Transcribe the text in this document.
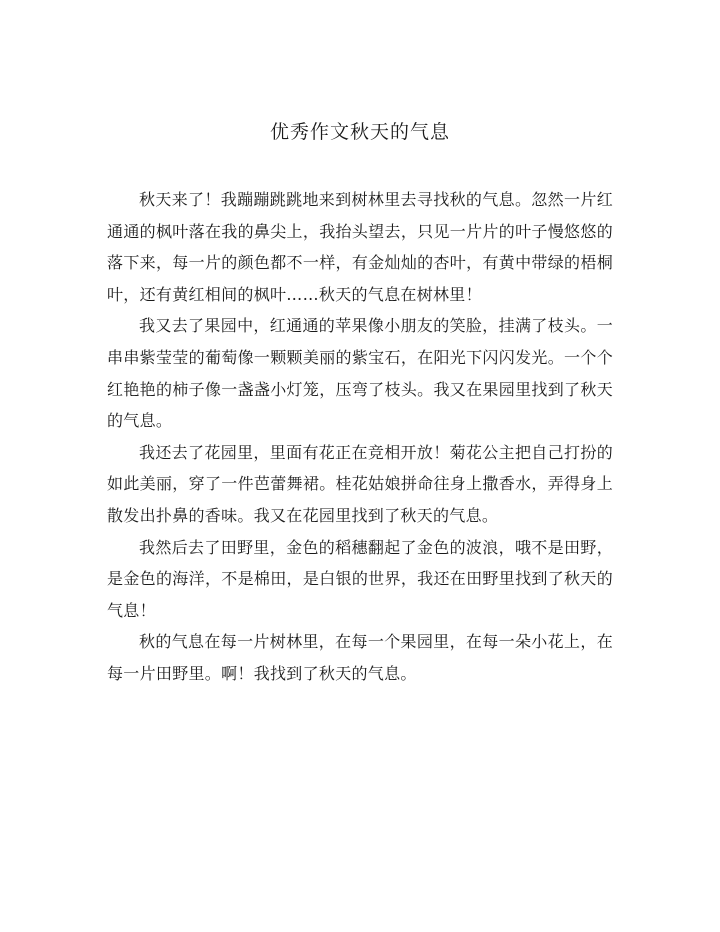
优秀作文秋天的气息

秋天来了！我蹦蹦跳跳地来到树林里去寻找秋的气息。忽然一片红通通的枫叶落在我的鼻尖上，我抬头望去，只见一片片的叶子慢悠悠的落下来，每一片的颜色都不一样，有金灿灿的杏叶，有黄中带绿的梧桐叶，还有黄红相间的枫叶……秋天的气息在树林里！

我又去了果园中，红通通的苹果像小朋友的笑脸，挂满了枝头。一串串紫莹莹的葡萄像一颗颗美丽的紫宝石，在阳光下闪闪发光。一个个红艳艳的柿子像一盏盏小灯笼，压弯了枝头。我又在果园里找到了秋天的气息。

我还去了花园里，里面有花正在竞相开放！菊花公主把自己打扮的如此美丽，穿了一件芭蕾舞裙。桂花姑娘拼命往身上撒香水，弄得身上散发出扑鼻的香味。我又在花园里找到了秋天的气息。

我然后去了田野里，金色的稻穗翻起了金色的波浪，哦不是田野，是金色的海洋，不是棉田，是白银的世界，我还在田野里找到了秋天的气息！

秋的气息在每一片树林里，在每一个果园里，在每一朵小花上，在每一片田野里。啊！我找到了秋天的气息。
